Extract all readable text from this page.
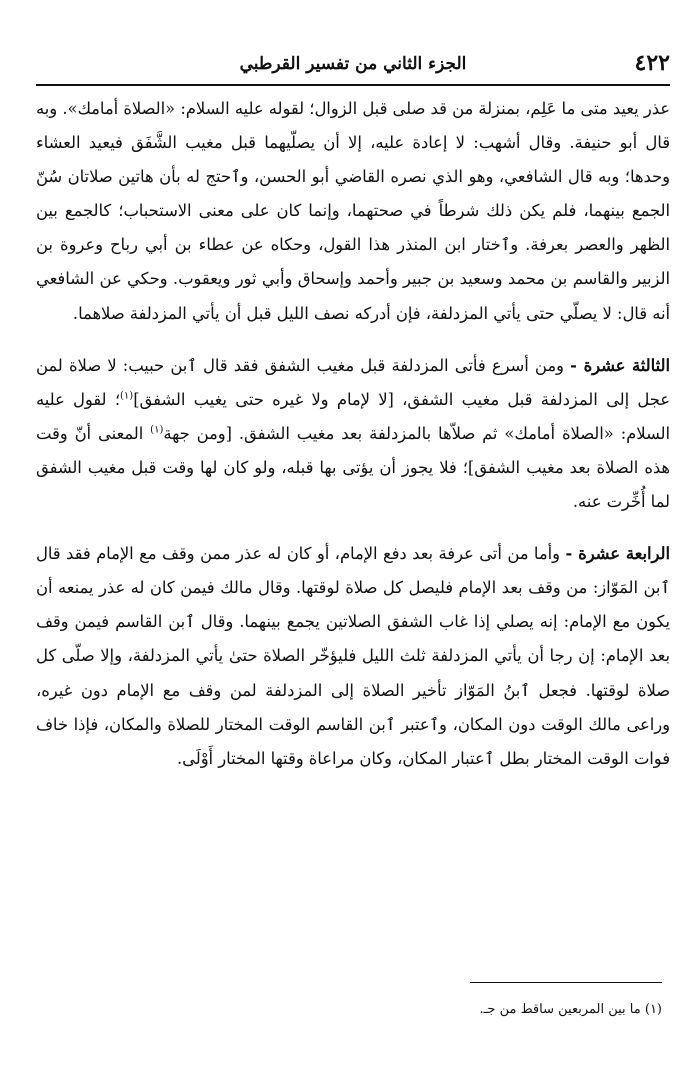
٤٢٢
الجزء الثاني من تفسير القرطبي

عذر يعيد متى ما عَلِم، بمنزلة من قد صلى قبل الزوال؛ لقوله عليه السلام: «الصلاة أمامك». وبه قال أبو حنيفة. وقال أشهب: لا إعادة عليه، إلا أن يصلّيهما قبل مغيب الشَّفَق فيعيد العشاء وحدها؛ وبه قال الشافعي، وهو الذي نصره القاضي أبو الحسن، وٱحتج له بأن هاتين صلاتان سُنّ الجمع بينهما، فلم يكن ذلك شرطاً في صحتهما، وإنما كان على معنى الاستحباب؛ كالجمع بين الظهر والعصر بعرفة. وٱختار ابن المنذر هذا القول، وحكاه عن عطاء بن أبي رباح وعروة بن الزبير والقاسم بن محمد وسعيد بن جبير وأحمد وإسحاق وأبي ثور ويعقوب. وحكي عن الشافعي أنه قال: لا يصلّي حتى يأتي المزدلفة، فإن أدركه نصف الليل قبل أن يأتي المزدلفة صلاهما.

الثالثة عشرة - ومن أسرع فأتى المزدلفة قبل مغيب الشفق فقد قال ٱبن حبيب: لا صلاة لمن عجل إلى المزدلفة قبل مغيب الشفق، [لا لإمام ولا غيره حتى يغيب الشفق]$^{(١)}$؛ لقول عليه السلام: «الصلاة أمامك» ثم صلاّها بالمزدلفة بعد مغيب الشفق. [ومن جهة$^{(١)}$ المعنى أنّ وقت هذه الصلاة بعد مغيب الشفق]؛ فلا يجوز أن يؤتى بها قبله، ولو كان لها وقت قبل مغيب الشفق لما أُخِّرت عنه.

الرابعة عشرة - وأما من أتى عرفة بعد دفع الإمام، أو كان له عذر ممن وقف مع الإمام فقد قال ٱبن المَوّاز: من وقف بعد الإمام فليصل كل صلاة لوقتها. وقال مالك فيمن كان له عذر يمنعه أن يكون مع الإمام: إنه يصلي إذا غاب الشفق الصلاتين يجمع بينهما. وقال ٱبن القاسم فيمن وقف بعد الإمام: إن رجا أن يأتي المزدلفة ثلث الليل فليؤخّر الصلاة حتىٰ يأتي المزدلفة، وإلا صلّى كل صلاة لوقتها. فجعل ٱبنُ المَوّاز تأخير الصلاة إلى المزدلفة لمن وقف مع الإمام دون غيره، وراعى مالك الوقت دون المكان، وٱعتبر ٱبن القاسم الوقت المختار للصلاة والمكان، فإذا خاف فوات الوقت المختار بطل ٱعتبار المكان، وكان مراعاة وقتها المختار أَوْلَى.

(١) ما بين المربعين ساقط من جـ.
